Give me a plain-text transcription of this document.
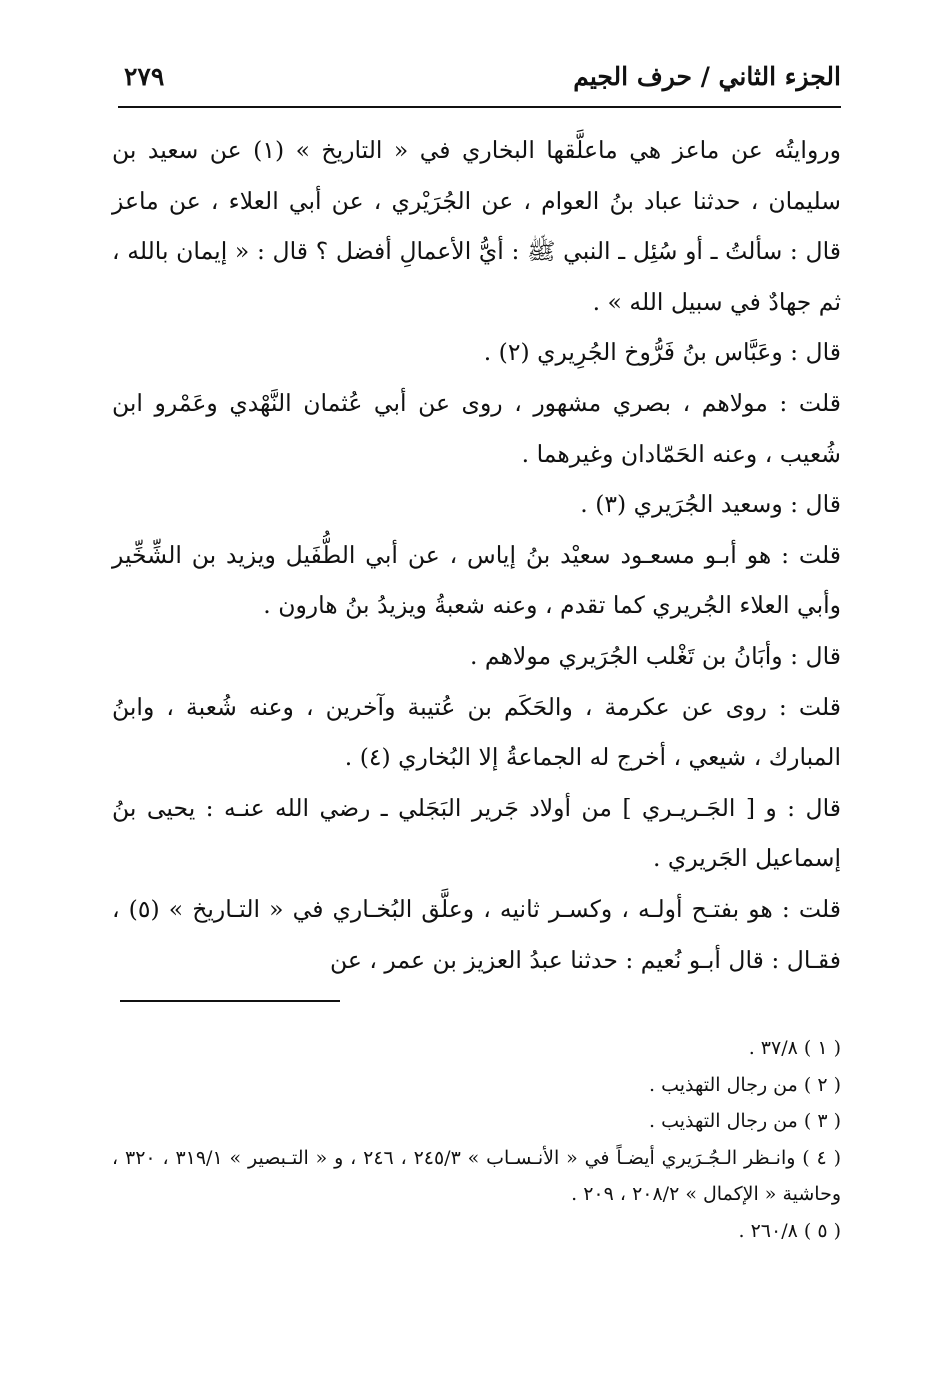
الجزء الثاني / حرف الجيم
٢٧٩

وروايتُه عن ماعز هي ماعلَّقها البخاري في « التاريخ » (١) عن سعيد بن سليمان ، حدثنا عباد بنُ العوام ، عن الجُرَيْري ، عن أبي العلاء ، عن ماعز قال : سألتُ ـ أو سُئِل ـ النبي ﷺ : أيُّ الأعمالِ أفضل ؟ قال : « إيمان بالله ، ثم جهادٌ في سبيل الله » .

قال : وعَبَّاس بنُ فَرُّوخ الجُرِيري (٢) .

قلت : مولاهم ، بصري مشهور ، روى عن أبي عُثمان النَّهْدي وعَمْرو ابن شُعيب ، وعنه الحَمّادان وغيرهما .

قال : وسعيد الجُرَيري (٣) .

قلت : هو أبـو مسعـود سعيْد بنُ إياس ، عن أبي الطُّفَيل ويزيد بن الشِّخِّير وأبي العلاء الجُريري كما تقدم ، وعنه شعبةُ ويزيدُ بنُ هارون .

قال : وأبَانُ بن تَغْلب الجُرَيري مولاهم .

قلت : روى عن عكرمة ، والحَكَم بن عُتيبة وآخرين ، وعنه شُعبة ، وابنُ المبارك ، شيعي ، أخرج له الجماعةُ إلا البُخاري (٤) .

قال : و [ الجَـريـري ] من أولاد جَرير البَجَلي ـ رضي الله عنـه : يحيى بنُ إسماعيل الجَريري .

قلت : هو بفتـح أولـه ، وكسـر ثانيه ، وعلَّق البُخـاري في « التـاريخ » (٥) ، فقـال : قال أبـو نُعيم : حدثنا عبدُ العزيز بن عمر ، عن

( ١ ) ٣٧/٨ .

( ٢ ) من رجال التهذيب .

( ٣ ) من رجال التهذيب .

( ٤ ) وانـظر الـجُـرَيري أيضـاً في « الأنـسـاب » ٢٤٥/٣ ، ٢٤٦ ، و « التـبصير » ٣١٩/١ ، ٣٢٠ ، وحاشية « الإكمال » ٢٠٨/٢ ، ٢٠٩ .

( ٥ ) ٢٦٠/٨ .
